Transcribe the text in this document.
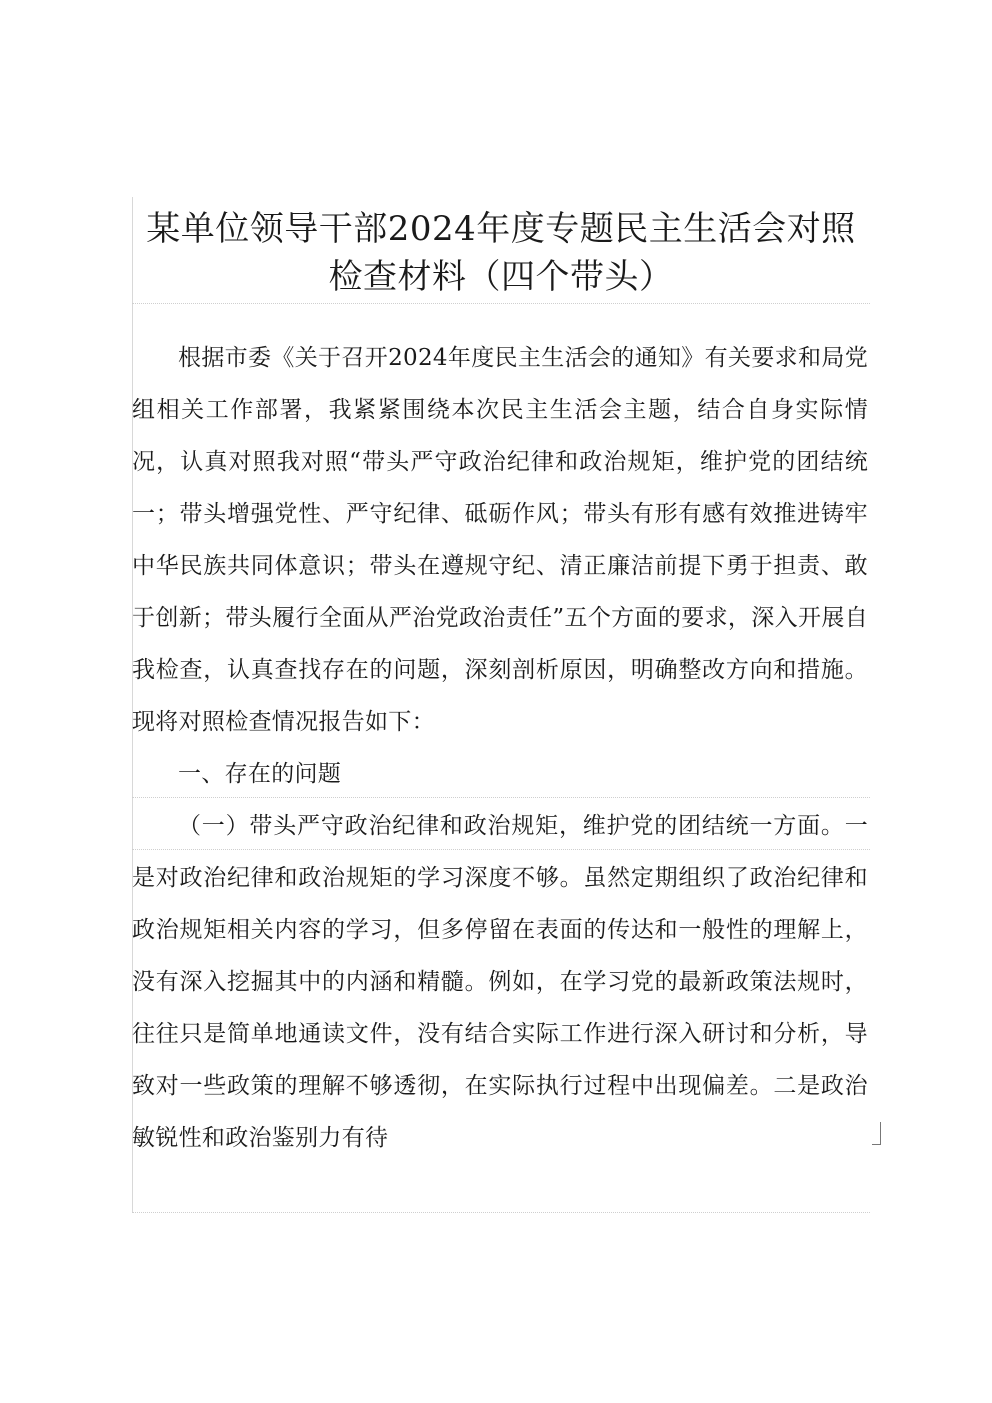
某单位领导干部2024年度专题民主生活会对照
检查材料（四个带头）

根据市委《关于召开2024年度民主生活会的通知》有关要求和局党组相关工作部署，我紧紧围绕本次民主生活会主题，结合自身实际情况，认真对照我对照“带头严守政治纪律和政治规矩，维护党的团结统一；带头增强党性、严守纪律、砥砺作风；带头有形有感有效推进铸牢中华民族共同体意识；带头在遵规守纪、清正廉洁前提下勇于担责、敢于创新；带头履行全面从严治党政治责任”五个方面的要求，深入开展自我检查，认真查找存在的问题，深刻剖析原因，明确整改方向和措施。现将对照检查情况报告如下：

一、存在的问题

（一）带头严守政治纪律和政治规矩，维护党的团结统一方面。一是对政治纪律和政治规矩的学习深度不够。虽然定期组织了政治纪律和政治规矩相关内容的学习，但多停留在表面的传达和一般性的理解上，没有深入挖掘其中的内涵和精髓。例如，在学习党的最新政策法规时，往往只是简单地通读文件，没有结合实际工作进行深入研讨和分析，导致对一些政策的理解不够透彻，在实际执行过程中出现偏差。二是政治敏锐性和政治鉴别力有待
